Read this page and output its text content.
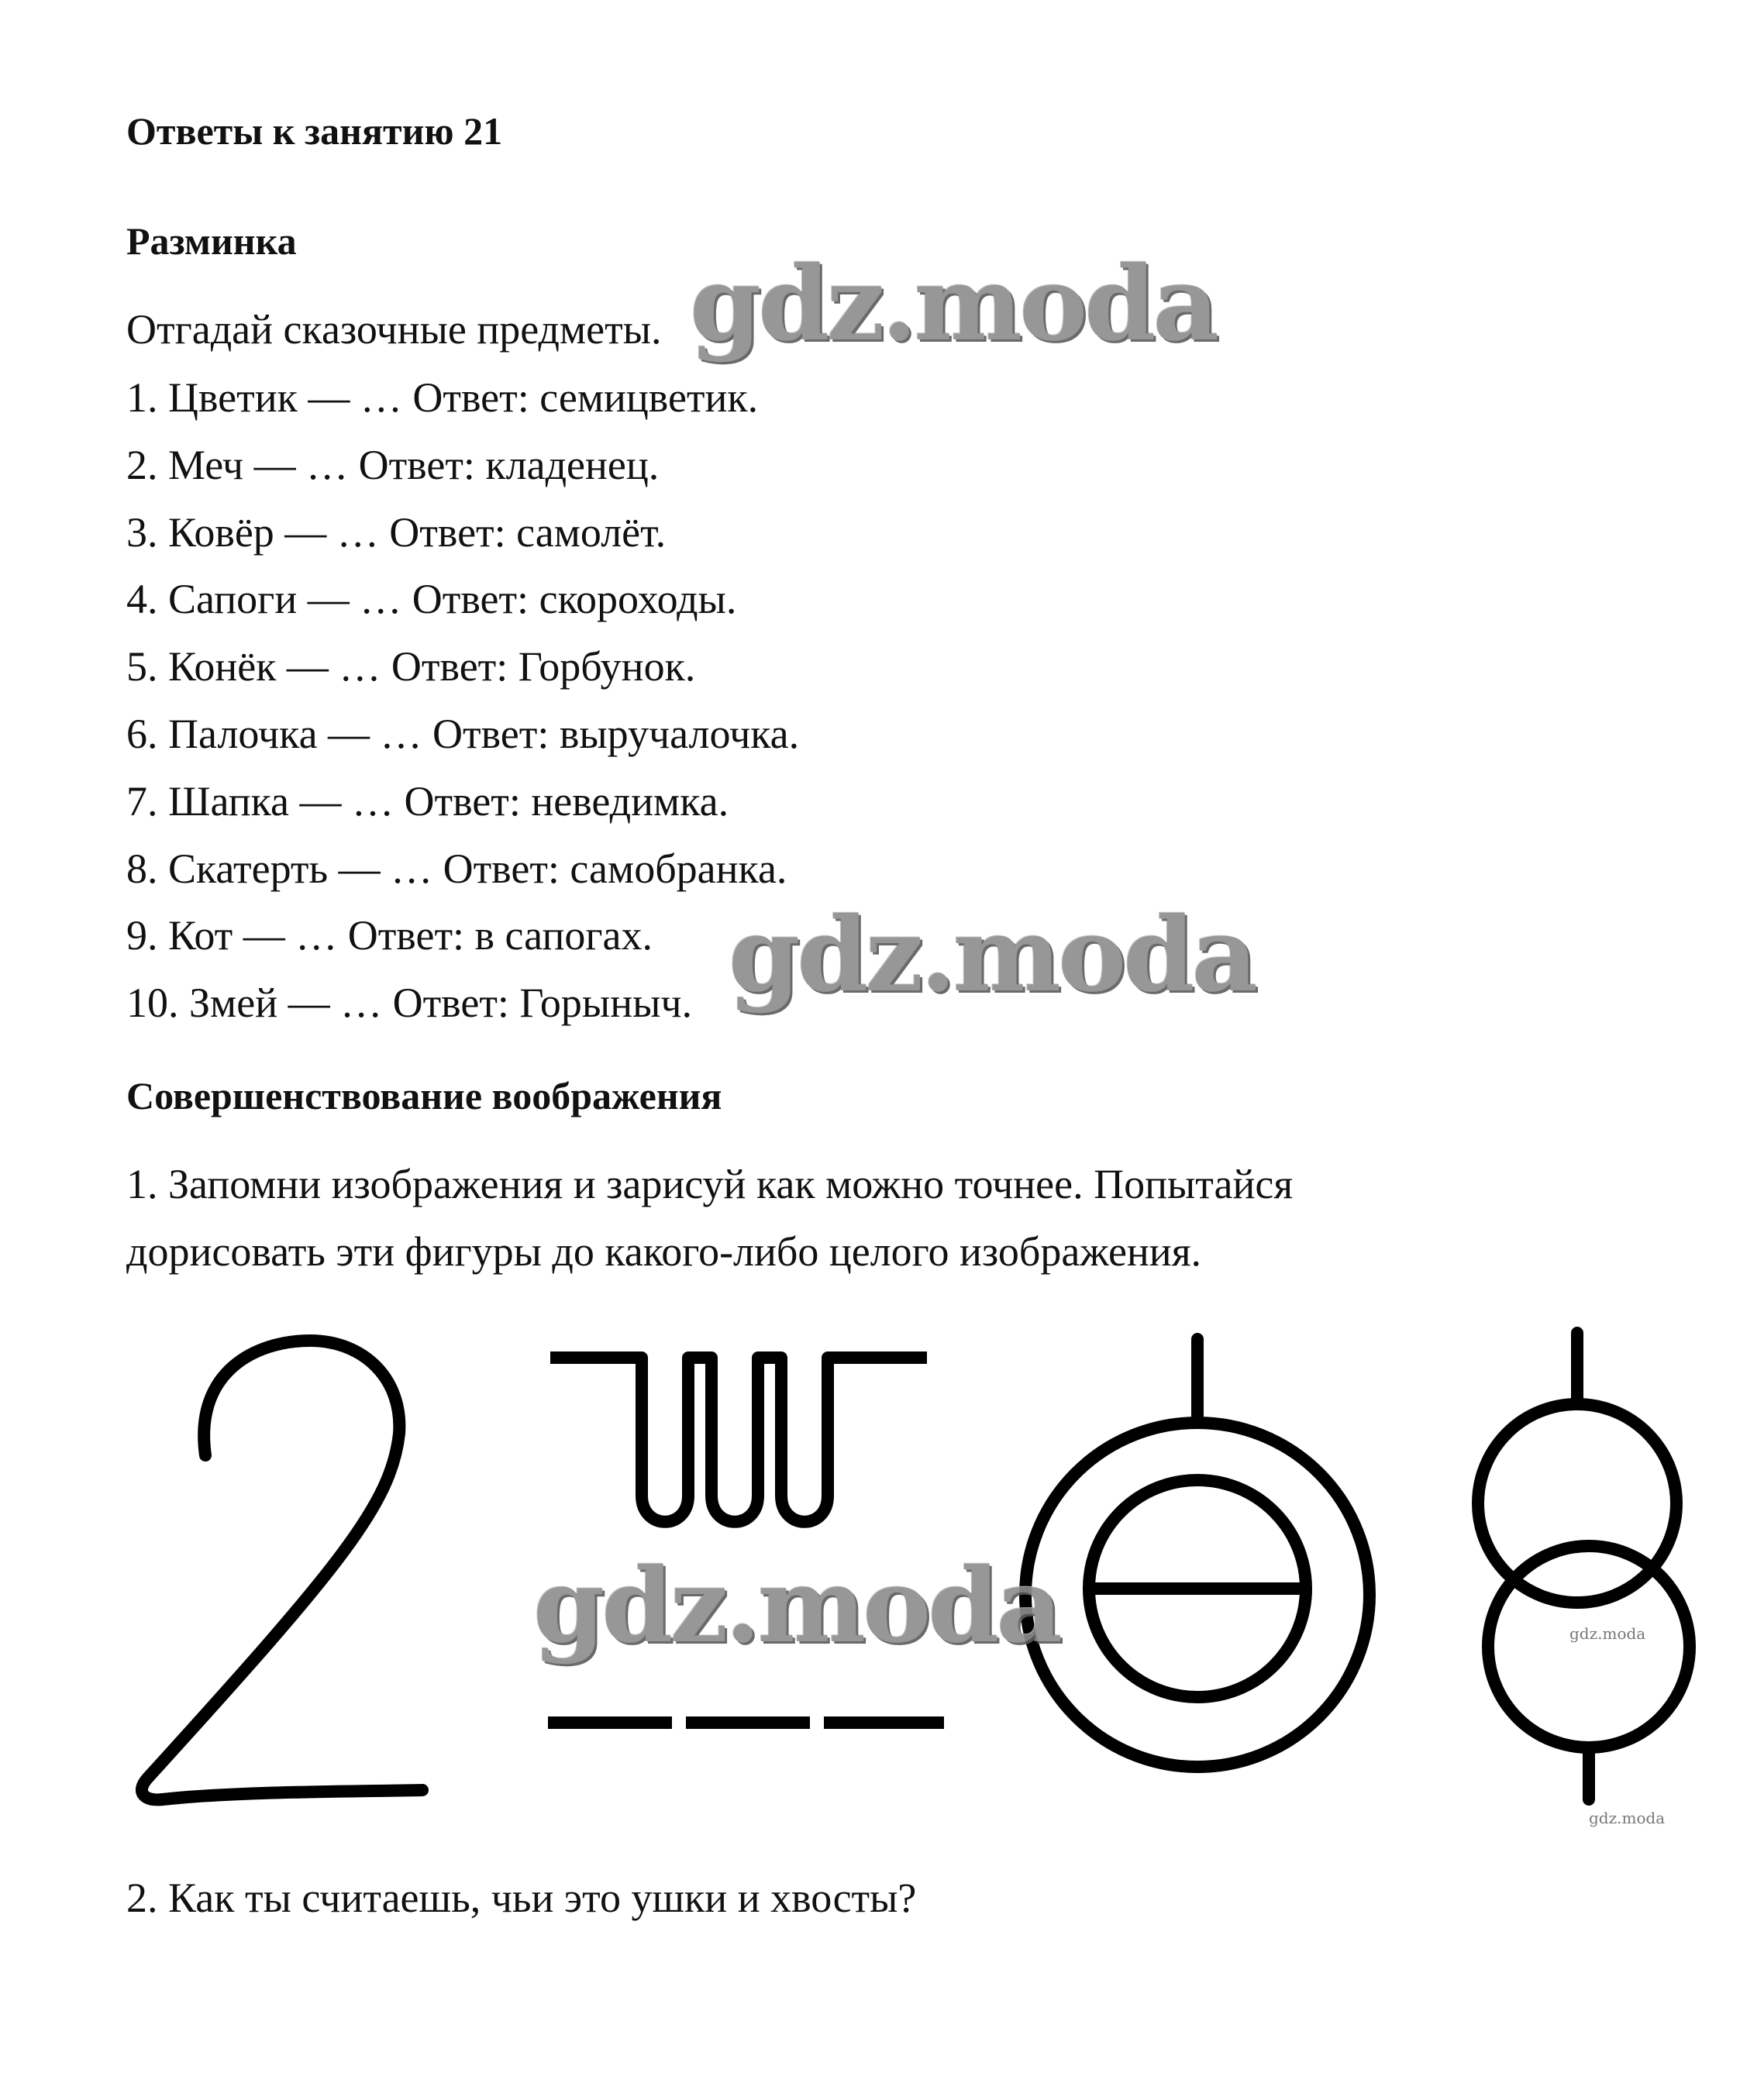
Ответы к занятию 21

Разминка

Отгадай сказочные предметы.

1. Цветик — … Ответ: семицветик.

2. Меч — … Ответ: кладенец.

3. Ковёр — … Ответ: самолёт.

4. Сапоги — … Ответ: скороходы.

5. Конёк — … Ответ: Горбунок.

6. Палочка — … Ответ: выручалочка.

7. Шапка — … Ответ: неведимка.

8. Скатерть — … Ответ: самобранка.

9. Кот — … Ответ: в сапогах.

10. Змей — … Ответ: Горыныч.

Совершенствование воображения

1. Запомни изображения и зарисуй как можно точнее. Попытайся

дорисовать эти фигуры до какого-либо целого изображения.

2. Как ты считаешь, чьи это ушки и хвосты?

gdz.moda
gdz.moda
gdz.moda	gdz.moda
gdz.moda
